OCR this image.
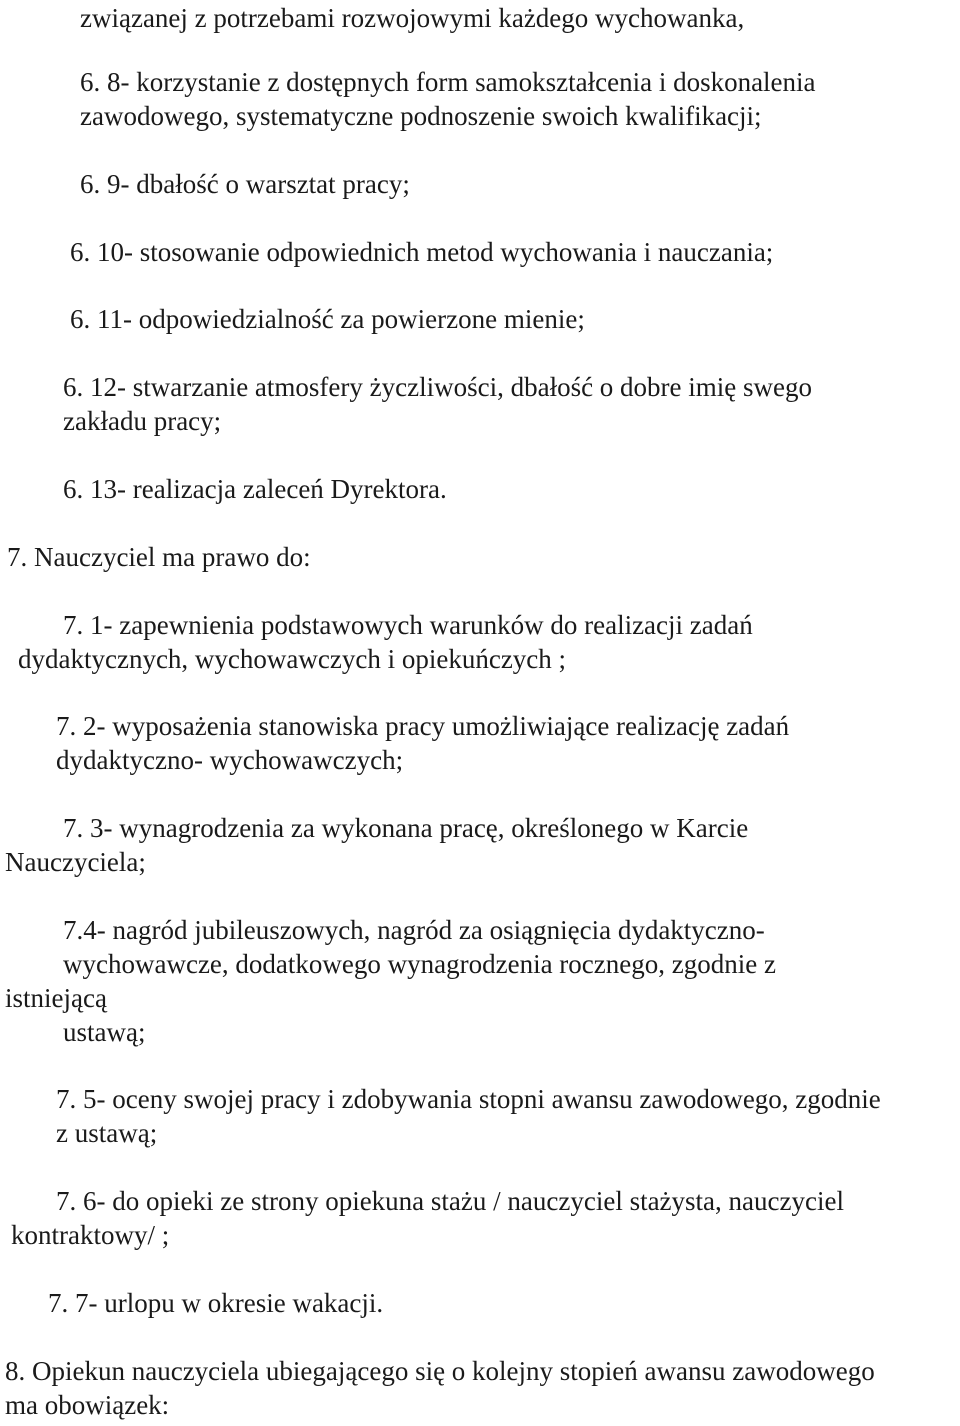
związanej z potrzebami rozwojowymi każdego wychowanka,

6. 8- korzystanie z dostępnych form samokształcenia i doskonalenia

zawodowego, systematyczne podnoszenie swoich kwalifikacji;

6. 9- dbałość o warsztat pracy;

6. 10- stosowanie odpowiednich metod wychowania i nauczania;

6. 11- odpowiedzialność za powierzone mienie;

6. 12- stwarzanie atmosfery życzliwości, dbałość o dobre imię swego

zakładu pracy;

6. 13- realizacja zaleceń Dyrektora.

7. Nauczyciel ma prawo do:

7. 1- zapewnienia podstawowych warunków do realizacji zadań

dydaktycznych, wychowawczych i opiekuńczych ;

7. 2- wyposażenia stanowiska pracy umożliwiające realizację zadań

dydaktyczno- wychowawczych;

7. 3- wynagrodzenia za wykonana pracę, określonego w Karcie

Nauczyciela;

7.4- nagród jubileuszowych, nagród za osiągnięcia dydaktyczno-

wychowawcze, dodatkowego wynagrodzenia rocznego, zgodnie z

istniejącą

ustawą;

7. 5- oceny swojej pracy i zdobywania stopni awansu zawodowego, zgodnie

z ustawą;

7. 6- do opieki ze strony opiekuna stażu / nauczyciel stażysta, nauczyciel

kontraktowy/ ;

7. 7- urlopu w okresie wakacji.

8. Opiekun nauczyciela ubiegającego się o kolejny stopień awansu zawodowego

ma obowiązek:
